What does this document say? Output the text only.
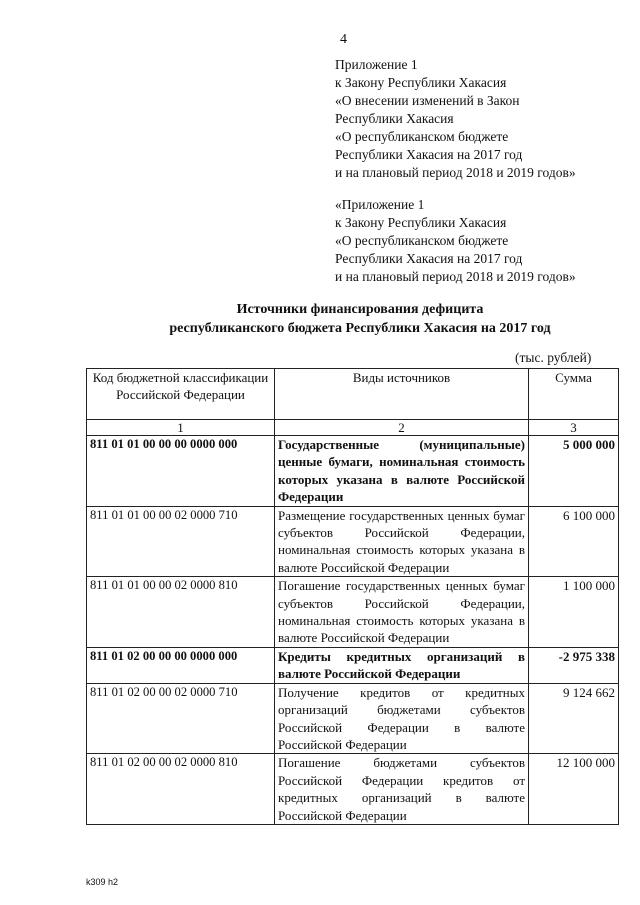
4
Приложение 1
к Закону Республики Хакасия
«О внесении изменений в Закон
Республики Хакасия
«О республиканском бюджете
Республики Хакасия на 2017 год
и на плановый период 2018 и 2019 годов»
«Приложение 1
к Закону Республики Хакасия
«О республиканском бюджете
Республики Хакасия на 2017 год
и на плановый период 2018 и 2019 годов»
Источники финансирования дефицита
республиканского бюджета Республики Хакасия на 2017 год
(тыс. рублей)
Код бюджетной классификации Российской Федерации	Виды источников	Сумма
1	2	3
811 01 01 00 00 00 0000 000	Государственные (муниципальные) ценные бумаги, номинальная стоимость которых указана в валюте Российской Федерации	5 000 000
811 01 01 00 00 02 0000 710	Размещение государственных ценных бумаг субъектов Российской Федерации, номинальная стоимость которых указана в валюте Российской Федерации	6 100 000
811 01 01 00 00 02 0000 810	Погашение государственных ценных бумаг субъектов Российской Федерации, номинальная стоимость которых указана в валюте Российской Федерации	1 100 000
811 01 02 00 00 00 0000 000	Кредиты кредитных организаций в валюте Российской Федерации	-2 975 338
811 01 02 00 00 02 0000 710	Получение кредитов от кредитных организаций бюджетами субъектов Российской Федерации в валюте Российской Федерации	9 124 662
811 01 02 00 00 02 0000 810	Погашение бюджетами субъектов Российской Федерации кредитов от кредитных организаций в валюте Российской Федерации	12 100 000
k309 h2
